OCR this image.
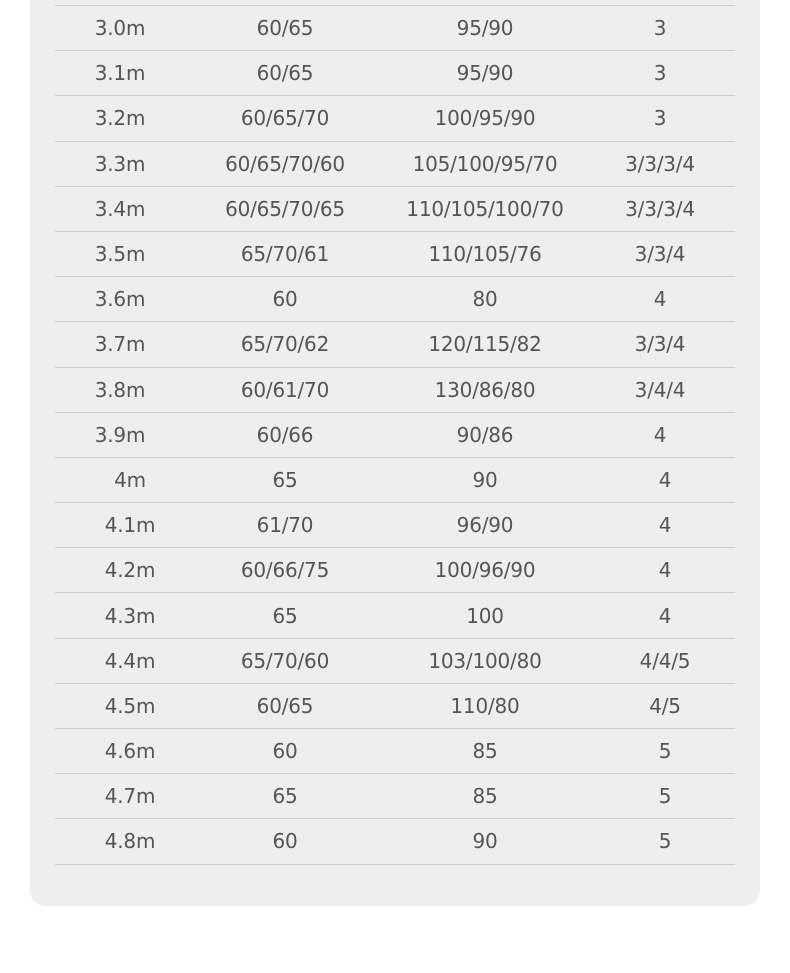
3.0m	60/65	95/90	3
3.1m	60/65	95/90	3
3.2m	60/65/70	100/95/90	3
3.3m	60/65/70/60	105/100/95/70	3/3/3/4
3.4m	60/65/70/65	110/105/100/70	3/3/3/4
3.5m	65/70/61	110/105/76	3/3/4
3.6m	60	80	4
3.7m	65/70/62	120/115/82	3/3/4
3.8m	60/61/70	130/86/80	3/4/4
3.9m	60/66	90/86	4
4m	65	90	4
4.1m	61/70	96/90	4
4.2m	60/66/75	100/96/90	4
4.3m	65	100	4
4.4m	65/70/60	103/100/80	4/4/5
4.5m	60/65	110/80	4/5
4.6m	60	85	5
4.7m	65	85	5
4.8m	60	90	5
